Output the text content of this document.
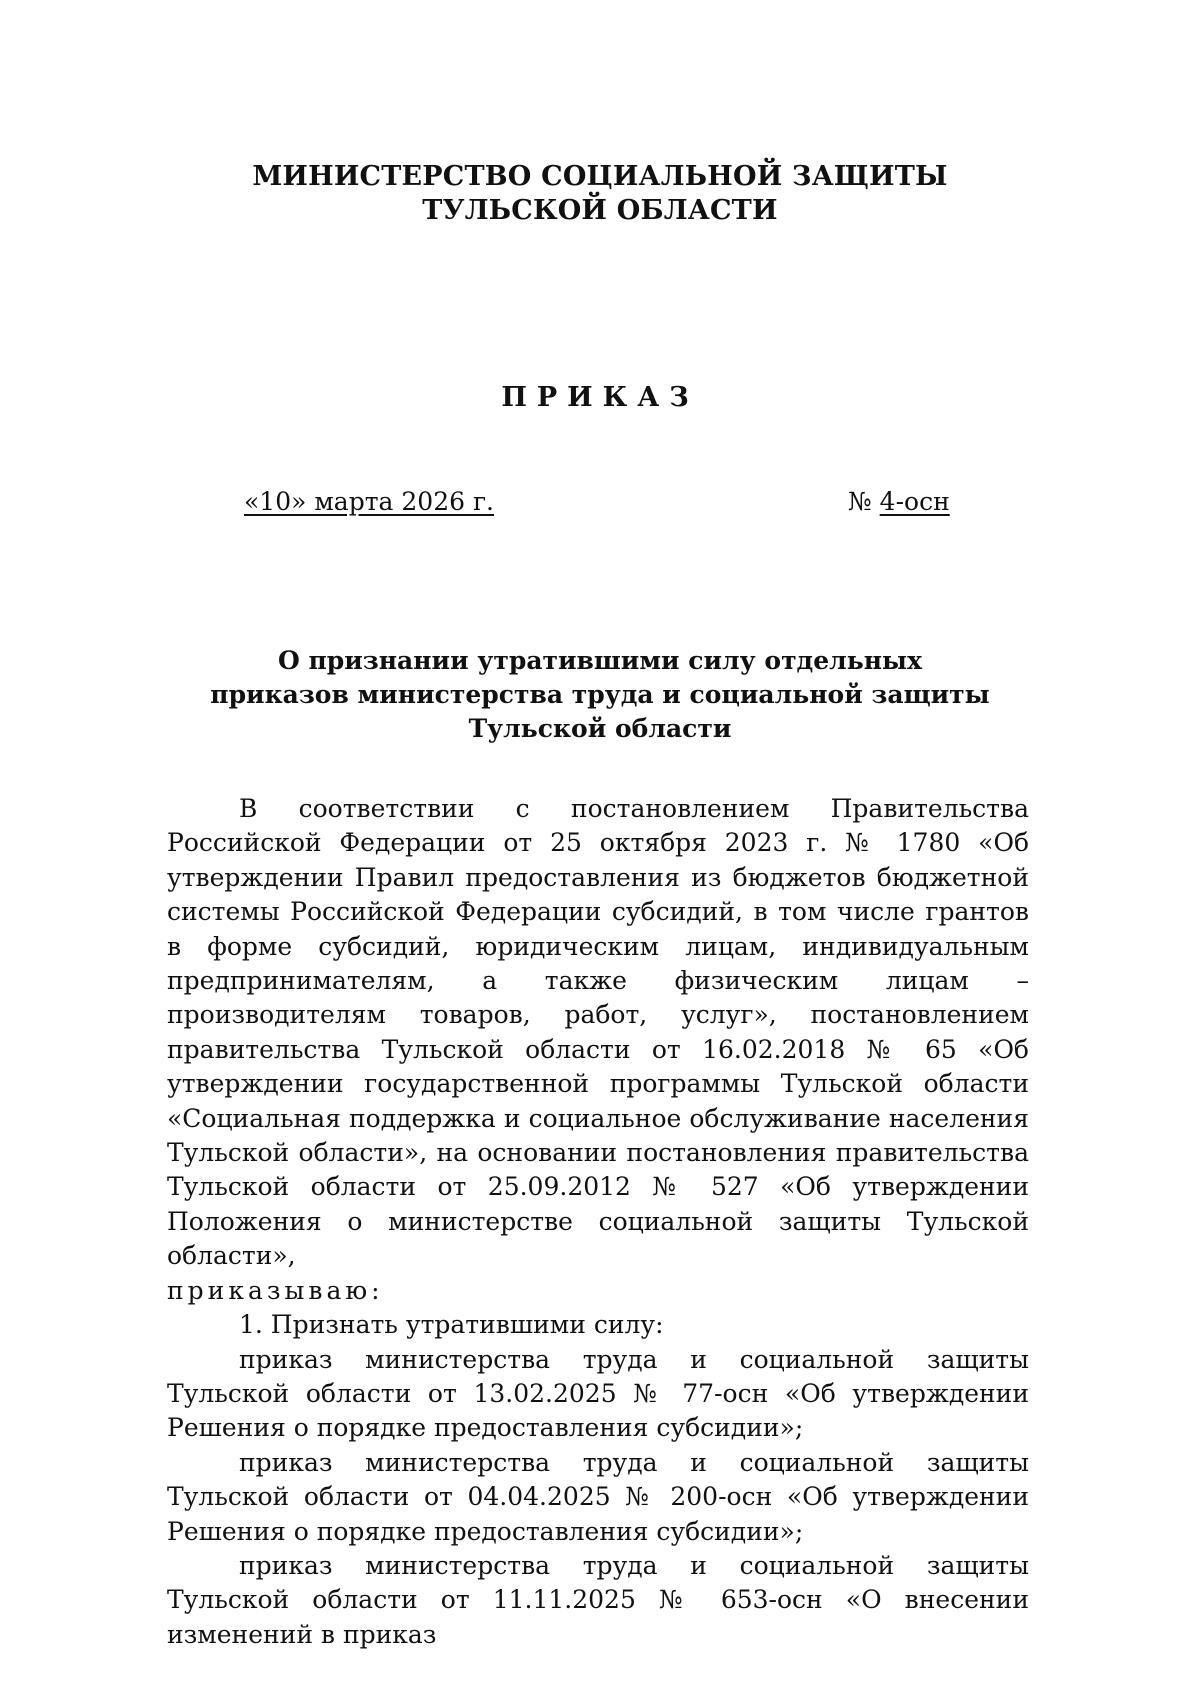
МИНИСТЕРСТВО СОЦИАЛЬНОЙ ЗАЩИТЫ
ТУЛЬСКОЙ ОБЛАСТИ
ПРИКАЗ
«10» марта 2026 г.	№ 4-осн
О признании утратившими силу отдельных
приказов министерства труда и социальной защиты
Тульской области

В соответствии с постановлением Правительства Российской Федерации от 25 октября 2023 г. № 1780 «Об утверждении Правил предоставления из бюджетов бюджетной системы Российской Федерации субсидий, в том числе грантов в форме субсидий, юридическим лицам, индивидуальным предпринимателям, а также физическим лицам – производителям товаров, работ, услуг», постановлением правительства Тульской области от 16.02.2018 № 65 «Об утверждении государственной программы Тульской области «Социальная поддержка и социальное обслуживание населения Тульской области», на основании постановления правительства Тульской области от 25.09.2012 № 527 «Об утверждении Положения о министерстве социальной защиты Тульской области»,

приказываю:

1. Признать утратившими силу:

приказ министерства труда и социальной защиты Тульской области от 13.02.2025 № 77-осн «Об утверждении Решения о порядке предоставления субсидии»;

приказ министерства труда и социальной защиты Тульской области от 04.04.2025 № 200-осн «Об утверждении Решения о порядке предоставления субсидии»;

приказ министерства труда и социальной защиты Тульской области от 11.11.2025 № 653-осн «О внесении изменений в приказ
